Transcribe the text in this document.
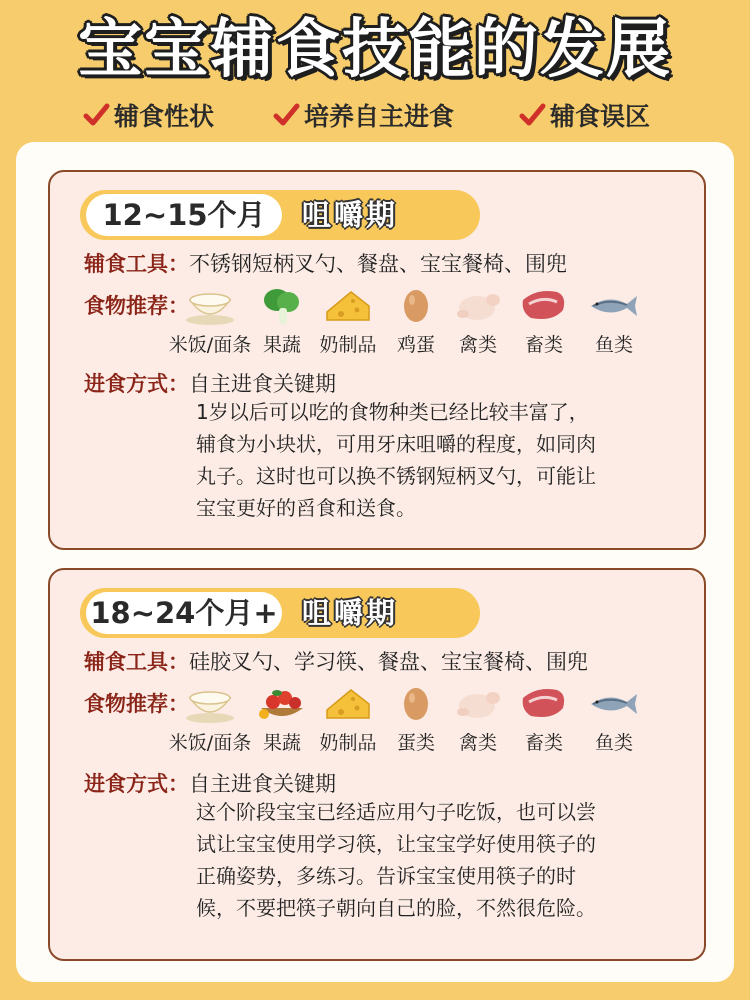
宝宝辅食技能的发展
辅食性状	培养自主进食	辅食误区
12~15个月	咀嚼期
辅食工具：不锈钢短柄叉勺、餐盘、宝宝餐椅、围兜
食物推荐：
米饭/面条 果蔬 奶制品	鸡蛋	禽类	畜类	鱼类
进食方式：自主进食关键期

1岁以后可以吃的食物种类已经比较丰富了，

辅食为小块状，可用牙床咀嚼的程度，如同肉

丸子。这时也可以换不锈钢短柄叉勺，可能让

宝宝更好的舀食和送食。

18~24个月+ 咀嚼期
辅食工具：硅胶叉勺、学习筷、餐盘、宝宝餐椅、围兜
食物推荐：
米饭/面条 果蔬 奶制品	蛋类	禽类	畜类	鱼类
进食方式：自主进食关键期

这个阶段宝宝已经适应用勺子吃饭，也可以尝

试让宝宝使用学习筷，让宝宝学好使用筷子的

正确姿势，多练习。告诉宝宝使用筷子的时

候，不要把筷子朝向自己的脸，不然很危险。
